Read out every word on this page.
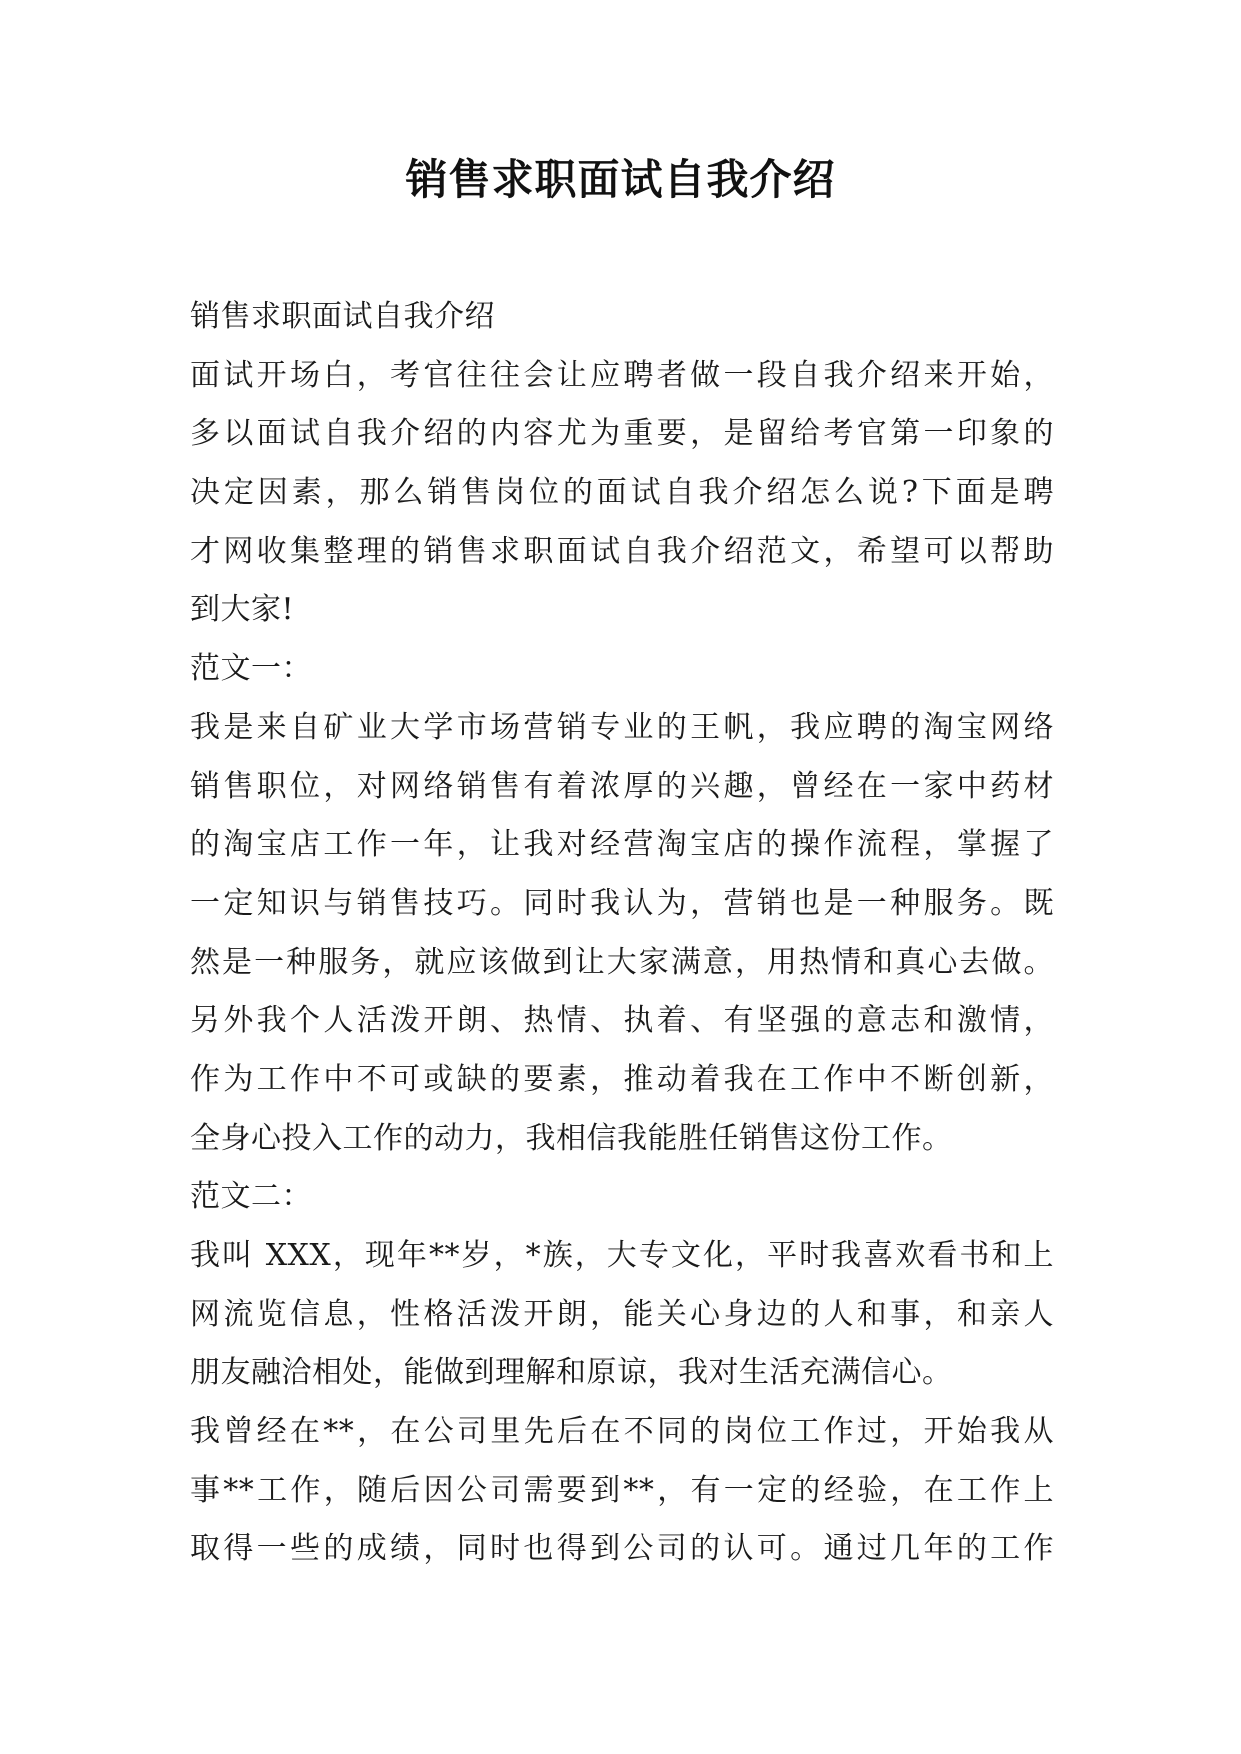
销售求职面试自我介绍
销售求职面试自我介绍
面试开场白，考官往往会让应聘者做一段自我介绍来开始，
多以面试自我介绍的内容尤为重要，是留给考官第一印象的
决定因素，那么销售岗位的面试自我介绍怎么说?下面是聘
才网收集整理的销售求职面试自我介绍范文，希望可以帮助
到大家!
范文一：
我是来自矿业大学市场营销专业的王帆，我应聘的淘宝网络
销售职位，对网络销售有着浓厚的兴趣，曾经在一家中药材
的淘宝店工作一年，让我对经营淘宝店的操作流程，掌握了
一定知识与销售技巧。同时我认为，营销也是一种服务。既
然是一种服务，就应该做到让大家满意，用热情和真心去做。
另外我个人活泼开朗、热情、执着、有坚强的意志和激情，
作为工作中不可或缺的要素，推动着我在工作中不断创新，
全身心投入工作的动力，我相信我能胜任销售这份工作。
范文二：
我叫 XXX，现年**岁，*族，大专文化，平时我喜欢看书和上
网流览信息，性格活泼开朗，能关心身边的人和事，和亲人
朋友融洽相处，能做到理解和原谅，我对生活充满信心。
我曾经在**，在公司里先后在不同的岗位工作过，开始我从
事**工作，随后因公司需要到**，有一定的经验，在工作上
取得一些的成绩，同时也得到公司的认可。通过几年的工作
